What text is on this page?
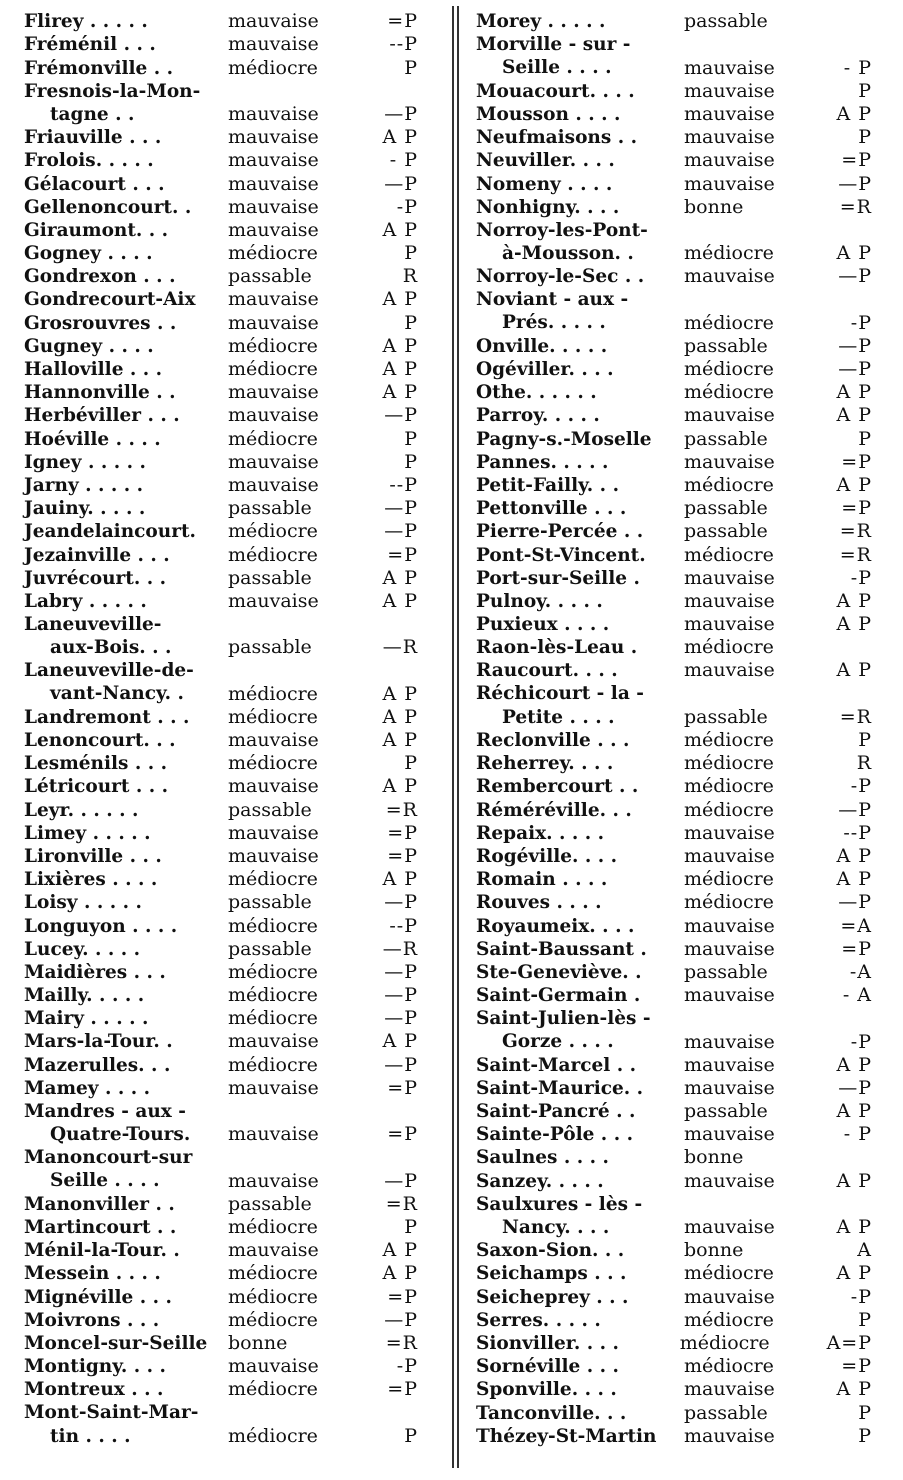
Flirey . . . . .	mauvaise	=P
Fréménil . . .	mauvaise	--P
Frémonville . .	médiocre	P
Fresnois-la-Mon-
tagne . .	mauvaise	—P
Friauville . . .	mauvaise	A P
Frolois. . . . .	mauvaise	- P
Gélacourt . . .	mauvaise	—P
Gellenoncourt. .	mauvaise	-P
Giraumont. . .	mauvaise	A P
Gogney . . . .	médiocre	P
Gondrexon . . .	passable	R
Gondrecourt-Aix	mauvaise	A P
Grosrouvres . .	mauvaise	P
Gugney . . . .	médiocre	A P
Halloville . . .	médiocre	A P
Hannonville . .	mauvaise	A P
Herbéviller . . .	mauvaise	—P
Hoéville . . . .	médiocre	P
Igney . . . . .	mauvaise	P
Jarny . . . . .	mauvaise	--P
Jauiny. . . . .	passable	—P
Jeandelaincourt.	médiocre	—P
Jezainville . . .	médiocre	=P
Juvrécourt. . .	passable	A P
Labry . . . . .	mauvaise	A P
Laneuveville-
aux-Bois. . .	passable	—R
Laneuveville-de-
vant-Nancy. .	médiocre	A P
Landremont . . .	médiocre	A P
Lenoncourt. . .	mauvaise	A P
Lesménils . . .	médiocre	P
Létricourt . . .	mauvaise	A P
Leyr. . . . . .	passable	=R
Limey . . . . .	mauvaise	=P
Lironville . . .	mauvaise	=P
Lixières . . . .	médiocre	A P
Loisy . . . . .	passable	—P
Longuyon . . . .	médiocre	--P
Lucey. . . . .	passable	—R
Maidières . . .	médiocre	—P
Mailly. . . . .	médiocre	—P
Mairy . . . . .	médiocre	—P
Mars-la-Tour. .	mauvaise	A P
Mazerulles. . .	médiocre	—P
Mamey . . . .	mauvaise	=P
Mandres - aux -
Quatre-Tours.	mauvaise	=P
Manoncourt-sur
Seille . . . .	mauvaise	—P
Manonviller . .	passable	=R
Martincourt . .	médiocre	P
Ménil-la-Tour. .	mauvaise	A P
Messein . . . .	médiocre	A P
Mignéville . . .	médiocre	=P
Moivrons . . .	médiocre	—P
Moncel-sur-Seille	bonne	=R
Montigny. . . .	mauvaise	-P
Montreux . . .	médiocre	=P
Mont-Saint-Mar-
tin . . . .	médiocre	P
Morey . . . . .	passable
Morville - sur -
Seille . . . .	mauvaise	- P
Mouacourt. . . .	mauvaise	P
Mousson . . . .	mauvaise	A P
Neufmaisons . .	mauvaise	P
Neuviller. . . .	mauvaise	=P
Nomeny . . . .	mauvaise	—P
Nonhigny. . . .	bonne	=R
Norroy-les-Pont-
à-Mousson. .	médiocre	A P
Norroy-le-Sec . .	mauvaise	—P
Noviant - aux -
Prés. . . . .	médiocre	-P
Onville. . . . .	passable	—P
Ogéviller. . . .	médiocre	—P
Othe. . . . . .	médiocre	A P
Parroy. . . . .	mauvaise	A P
Pagny-s.-Moselle	passable	P
Pannes. . . . .	mauvaise	=P
Petit-Failly. . .	médiocre	A P
Pettonville . . .	passable	=P
Pierre-Percée . .	passable	=R
Pont-St-Vincent.	médiocre	=R
Port-sur-Seille .	mauvaise	-P
Pulnoy. . . . .	mauvaise	A P
Puxieux . . . .	mauvaise	A P
Raon-lès-Leau .	médiocre
Raucourt. . . .	mauvaise	A P
Réchicourt - la -
Petite . . . .	passable	=R
Reclonville . . .	médiocre	P
Reherrey. . . .	médiocre	R
Rembercourt . .	médiocre	-P
Réméréville. . .	médiocre	—P
Repaix. . . . .	mauvaise	--P
Rogéville. . . .	mauvaise	A P
Romain . . . .	médiocre	A P
Rouves . . . .	médiocre	—P
Royaumeix. . . .	mauvaise	=A
Saint-Baussant .	mauvaise	=P
Ste-Geneviève. .	passable	-A
Saint-Germain .	mauvaise	- A
Saint-Julien-lès -
Gorze . . . .	mauvaise	-P
Saint-Marcel . .	mauvaise	A P
Saint-Maurice. .	mauvaise	—P
Saint-Pancré . .	passable	A P
Sainte-Pôle . . .	mauvaise	- P
Saulnes . . . .	bonne
Sanzey. . . . .	mauvaise	A P
Saulxures - lès -
Nancy. . . .	mauvaise	A P
Saxon-Sion. . .	bonne	A
Seichamps . . .	médiocre	A P
Seicheprey . . .	mauvaise	-P
Serres. . . . .	médiocre	P
Sionviller. . . .	médiocre	A=P
Sornéville . . .	médiocre	=P
Sponville. . . .	mauvaise	A P
Tanconville. . .	passable	P
Thézey-St-Martin	mauvaise	P
